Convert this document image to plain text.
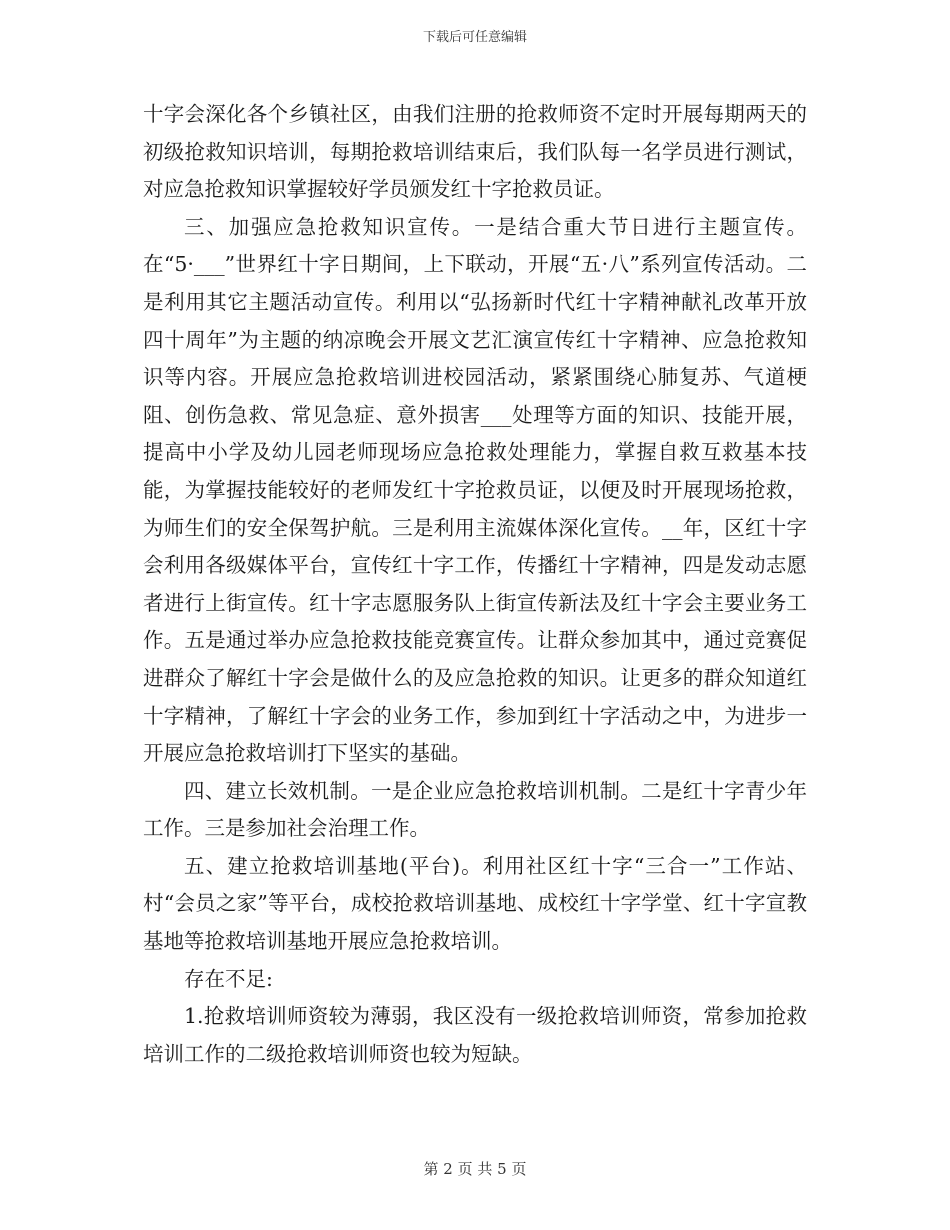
下载后可任意编辑

十字会深化各个乡镇社区，由我们注册的抢救师资不定时开展每期两天的初级抢救知识培训，每期抢救培训结束后，我们队每一名学员进行测试，对应急抢救知识掌握较好学员颁发红十字抢救员证。

三、加强应急抢救知识宣传。一是结合重大节日进行主题宣传。在“5·___”世界红十字日期间，上下联动，开展“五·八”系列宣传活动。二是利用其它主题活动宣传。利用以“弘扬新时代红十字精神献礼改革开放四十周年”为主题的纳凉晚会开展文艺汇演宣传红十字精神、应急抢救知识等内容。开展应急抢救培训进校园活动，紧紧围绕心肺复苏、气道梗阻、创伤急救、常见急症、意外损害___处理等方面的知识、技能开展，提高中小学及幼儿园老师现场应急抢救处理能力，掌握自救互救基本技能，为掌握技能较好的老师发红十字抢救员证，以便及时开展现场抢救，为师生们的安全保驾护航。三是利用主流媒体深化宣传。__年，区红十字会利用各级媒体平台，宣传红十字工作，传播红十字精神，四是发动志愿者进行上街宣传。红十字志愿服务队上街宣传新法及红十字会主要业务工作。五是通过举办应急抢救技能竞赛宣传。让群众参加其中，通过竞赛促进群众了解红十字会是做什么的及应急抢救的知识。让更多的群众知道红十字精神，了解红十字会的业务工作，参加到红十字活动之中，为进步一开展应急抢救培训打下坚实的基础。

四、建立长效机制。一是企业应急抢救培训机制。二是红十字青少年工作。三是参加社会治理工作。

五、建立抢救培训基地(平台)。利用社区红十字“三合一”工作站、村“会员之家”等平台，成校抢救培训基地、成校红十字学堂、红十字宣教基地等抢救培训基地开展应急抢救培训。

存在不足:

1.抢救培训师资较为薄弱，我区没有一级抢救培训师资，常参加抢救培训工作的二级抢救培训师资也较为短缺。

第 2 页 共 5 页
